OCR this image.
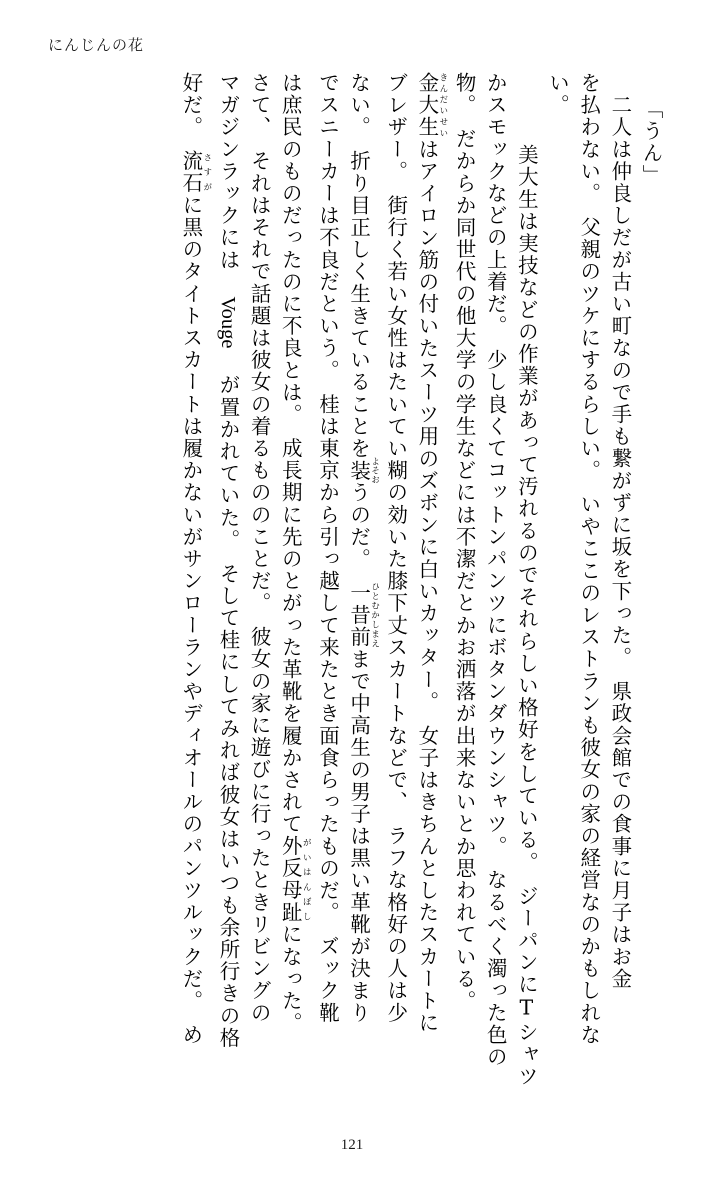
にんじんの花
「うん」
　二人は仲良しだが古い町なので手も繋がずに坂を下った。　県政会館での食事に月子はお金
を払わない。　父親のツケにするらしい。　いやここのレストランも彼女の家の経営なのかもしれな
い。
　美大生は実技などの作業があって汚れるのでそれらしい格好をしている。　ジーパンにTシャツ
かスモックなどの上着だ。　少し良くてコットンパンツにボタンダウンシャツ。　なるべく濁った色の
物。　だからか同世代の他大学の学生などには不潔だとかお洒落が出来ないとか思われている。
金大生 きんだいせいはアイロン筋の付いたスーツ用のズボンに白いカッター。　女子はきちんとしたスカートに
ブレザー。　街行く若い女性はたいてい糊の効いた膝下丈スカートなどで、　ラフな格好の人は少
ない。　折り目正しく生きていることを装 よそおうのだ。　一昔前 ひとむかしまえまで中高生の男子は黒い革靴が決まり
でスニーカーは不良だという。　桂は東京から引っ越して来たとき面食らったものだ。　ズック靴
は庶民のものだったのに不良とは。　成長期に先のとがった革靴を履かされて外反母趾 がいはんぼしになった。
さて、　それはそれで話題は彼女の着るもののことだ。　彼女の家に遊びに行ったときリビングの
マガジンラックには Vouge が置かれていた。　そして桂にしてみれば彼女はいつも余所行きの格
好だ。　流石 さすがに黒のタイトスカートは履かないがサンローランやディオールのパンツルックだ。　め
121
